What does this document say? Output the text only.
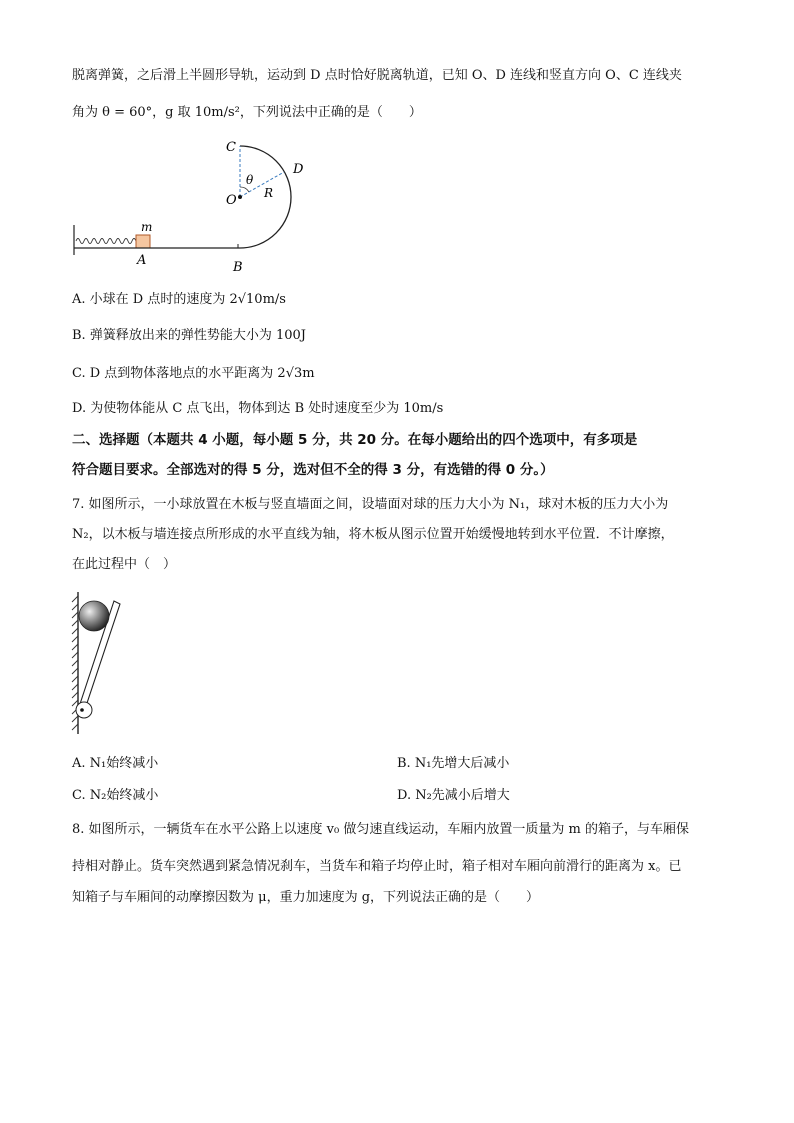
脱离弹簧，之后滑上半圆形导轨，运动到 D 点时恰好脱离轨道，已知 O、D 连线和竖直方向 O、C 连线夹
角为 θ = 60°，g 取 10m/s²，下列说法中正确的是（　　）
C
D
O
θ
R
m
A	B
A. 小球在 D 点时的速度为 2√10m/s
B. 弹簧释放出来的弹性势能大小为 100J
C. D 点到物体落地点的水平距离为 2√3m
D. 为使物体能从 C 点飞出，物体到达 B 处时速度至少为 10m/s
二、选择题（本题共 4 小题，每小题 5 分，共 20 分。在每小题给出的四个选项中，有多项是
符合题目要求。全部选对的得 5 分，选对但不全的得 3 分，有选错的得 0 分。）
7. 如图所示，一小球放置在木板与竖直墙面之间，设墙面对球的压力大小为 N₁，球对木板的压力大小为
N₂，以木板与墙连接点所形成的水平直线为轴，将木板从图示位置开始缓慢地转到水平位置．不计摩擦，
在此过程中（　）
A. N₁始终减小	B. N₁先增大后减小
C. N₂始终减小	D. N₂先减小后增大
8. 如图所示，一辆货车在水平公路上以速度 v₀ 做匀速直线运动，车厢内放置一质量为 m 的箱子，与车厢保
持相对静止。货车突然遇到紧急情况刹车，当货车和箱子均停止时，箱子相对车厢向前滑行的距离为 x。已
知箱子与车厢间的动摩擦因数为 μ，重力加速度为 g，下列说法正确的是（　　）
